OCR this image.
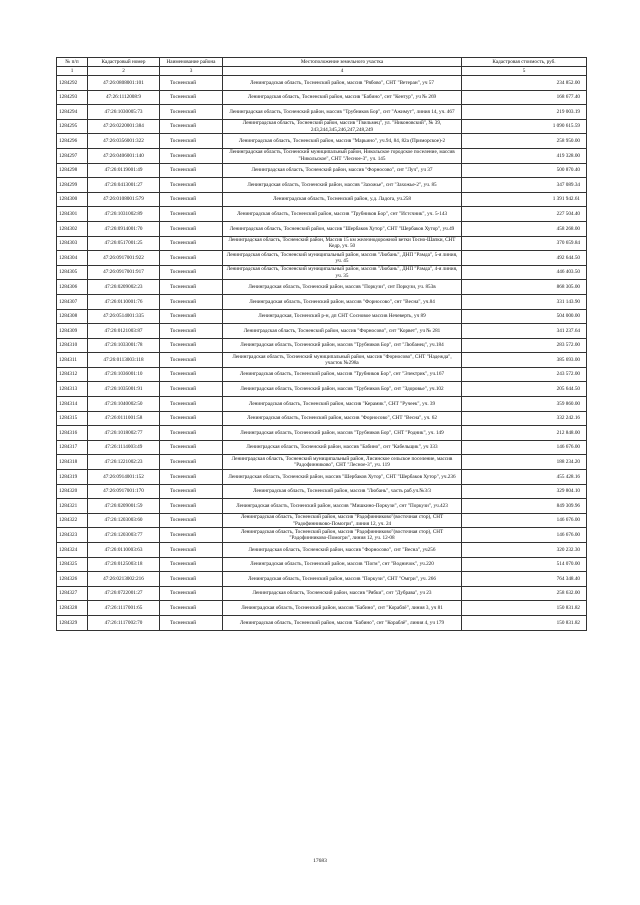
№ п/п	Кадастровый номер	Наименование района	Местоположение земельного участка	Кадастровая стоимость, руб.
1	2	3	4	5
1284292	47:26:0808001:101	Тосненский	Ленинградская область, Тосненский район, массив "Рябово", СНТ "Ветеран", уч 57	234 852.00
1284293	47:26:1112008:9	Тосненский	Ленинградская область, Тосненский район, массив "Бабино", снт "Кентур", уч № 269	168 677.40
1284294	47:26:1030005:73	Тосненский	Ленинградская область, Тосненский район, массив "Трубников Бор", снт "Ажимут", линия 14, уч. 467	219 003.19
1284295	47:26:0220001:384	Тосненский	Ленинградская область, Тосненский район, массив "Гвильмец", ул. "Никоновский", № 39, 243,244,345,246,247,248,249	1 090 615.59
1284296	47:26:0356001:322	Тосненский	Ленинградская область, Тосненский район, массив "Марьино", уч.94, 84, 82а (Приморское)-2	258 950.00
1284297	47:26:0406001:140	Тосненский	Ленинградская область, Тосненский муниципальный район, Никольское городское поселение, массив "Никольское", СНТ "Лесное-3", уч. 145	419 328.00
1284298	47:26:0119001:49	Тосненский	Ленинградская область, Тосненский район, массив "Форносово", снт "Луч", уч 37	500 870.40
1284299	47:26:0413001:27	Тосненский	Ленинградская область, Тосненский район, массив "Захожье", снт "Захожье-2", уч. 85	347 089.34
1284300	47:26:0108001:579	Тосненский	Ленинградская область, Тосненский район, у.д. Ладога, уч.258	1 391 942.61
1284301	47:26:1031002:89	Тосненский	Ленинградская область, Тосненский район, массив "Трубников Бор", снт "Истсчник", уч. 5-143	227 504.40
1284302	47:26:0914001:70	Тосненский	Ленинградская область, Тосненский район, массив "Шербаков Хутор", СНТ "Шербаков Хутор", уч.49	458 268.00
1284303	47:26:0517001:25	Тосненский	Ленинградская область, Тосненский район, Массив 15 км железнодорожной ветки Тосно-Шапки, СНТ Кедр, уч. 50	370 659.84
1284304	47:26:0917001:922	Тосненский	Ленинградская область, Тосненский муниципальный район, массив "Любань", ДНП "Рамда", 5-я линия, уч. 45	492 644.50
1284305	47:26:0917001:917	Тосненский	Ленинградская область, Тосненский муниципальный район, массив "Любань", ДНП "Рамда", 4-я линия, уч. 35	446 403.50
1284306	47:26:0209002:23	Тосненский	Ленинградская область, Тосненский район, массив "Поркузи", снт Поркузи, уч. 853в	868 305.00
1284307	47:26:0110001:76	Тосненский	Ленинградская область, Тосненский район, массив "Форносово", снт "Весна", уч.84	331 143.90
1284308	47:26:0514001:335	Тосненский	Ленинградская, Тосненский р-н, дп СНТ Сосновое массив Нечеверть, уч 89	504 000.00
1284309	47:26:0121003:87	Тосненский	Ленинградская область, Тосненский район, массив "Форносово", снт "Корвет", уч № 281	341 237.64
1284310	47:26:1033001:78	Тосненский	Ленинградская область, Тосненский район, массив "Трубников Бор", снт "Любанец", уч.184	283 572.00
1284311	47:26:0113003:118	Тосненский	Ленинградская область, Тосненский муниципальный район, массив "Форносово", СНТ "Надежда", участок №298а	385 693.00
1284312	47:26:1036001:10	Тосненский	Ленинградская область, Тосненский район, массив "Трубников Бор", снт "Электрик", уч.167	243 572.00
1284313	47:26:1035001:91	Тосненский	Ленинградская область, Тосненский район, массив "Трубников Бор", снт "Здоровье", уч.102	205 644.50
1284314	47:26:1040002:50	Тосненский	Ленинградская область, Тосненский район, массив "Керамик", СНТ "Ручеек", уч. 39	359 860.00
1284315	47:26:0111001:58	Тосненский	Ленинградская область, Тосненский район, массив "Форносово", СНТ "Весна", уч. 62	332 242.16
1284316	47:26:1018002:77	Тосненский	Ленинградская область, Тосненский район, массив "Трубников Бор", СНТ "Родник", уч. 149	212 848.00
1284317	47:26:1114003:49	Тосненский	Ленинградская область, Тосненский район, массив "Бабино", снт "Кабельщик", уч 333	146 676.00
1284318	47:26:1221002:23	Тосненский	Ленинградская область, Тосненский муниципальный район, Лисинское сельское поселение, массив "Радофинниково", СНТ "Лесное-3", уч. 119	188 234.20
1284319	47:26:0914001:152	Тосненский	Ленинградская область, Тосненский район, массив "Шербаков Хутор", СНТ "Шербаков Хутор", уч.236	455 428.16
1284320	47:26:0917001:170	Тосненский	Ленинградская область, Тосненский район, массив "Любань", часть раб.уч.№3/3	329 804.10
1284321	47:26:0209001:59	Тосненский	Ленинградская область, Тосненский район, массив "Мишкино-Поркузи", снт "Поркузи", уч.423	849 309.96
1284322	47:26:1203003:60	Тосненский	Ленинградская область, Тосненский район, массив "Радофинниково"(восточная стор), СНТ "Радофинниково-Помогри", линия 12, уч. 24	146 676.00
1284323	47:26:1203003:77	Тосненский	Ленинградская область, Тосненский район, массив "Радофинниково"(восточная стор), СНТ "Радофинниково-Помогри", линия 12, уч. 12-08	146 676.00
1284324	47:26:0110003:63	Тосненский	Ленинградская область, Тосненский район, массив "Форносово", снт "Весна", уч256	320 232.30
1284325	47:26:0125003:18	Тосненский	Ленинградская область, Тосненский район, массив "Погм", снт "Водничок", уч.220	514 070.00
1284326	47:26:0213002:216	Тосненский	Ленинградская область, Тосненский район, массив "Поркузи", СНТ "Омгри", уч. 266	764 348.40
1284327	47:26:0722001:27	Тосненский	Ленинградская область, Тосненский район, массив "Рябки", снт "Дубрава", уч 23	258 632.00
1284328	47:26:1117001:65	Тосненский	Ленинградская область, Тосненский район, массив "Бабино", снт "Кораблё", линия 3, уч 81	150 831.82
1284329	47:26:1117002:70	Тосненский	Ленинградская область, Тосненский район, массив "Бабино", снт "Кораблё", линия 4, уч 179	150 831.82
17683
